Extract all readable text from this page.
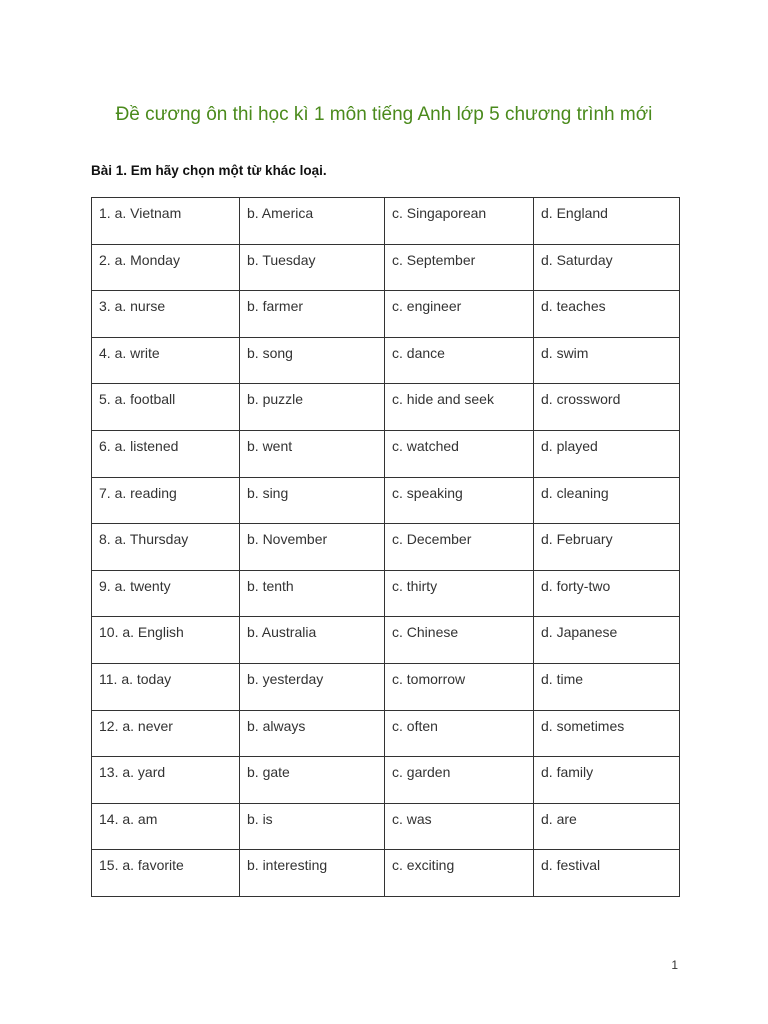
Đề cương ôn thi học kì 1 môn tiếng Anh lớp 5 chương trình mới

Bài 1. Em hãy chọn một từ khác loại.

1. a. Vietnam	b. America	c. Singaporean	d. England
2. a. Monday	b. Tuesday	c. September	d. Saturday
3. a. nurse	b. farmer	c. engineer	d. teaches
4. a. write	b. song	c. dance	d. swim
5. a. football	b. puzzle	c. hide and seek	d. crossword
6. a. listened	b. went	c. watched	d. played
7. a. reading	b. sing	c. speaking	d. cleaning
8. a. Thursday	b. November	c. December	d. February
9. a. twenty	b. tenth	c. thirty	d. forty-two
10. a. English	b. Australia	c. Chinese	d. Japanese
11. a. today	b. yesterday	c. tomorrow	d. time
12. a. never	b. always	c. often	d. sometimes
13. a. yard	b. gate	c. garden	d. family
14. a. am	b. is	c. was	d. are
15. a. favorite	b. interesting	c. exciting	d. festival
1
